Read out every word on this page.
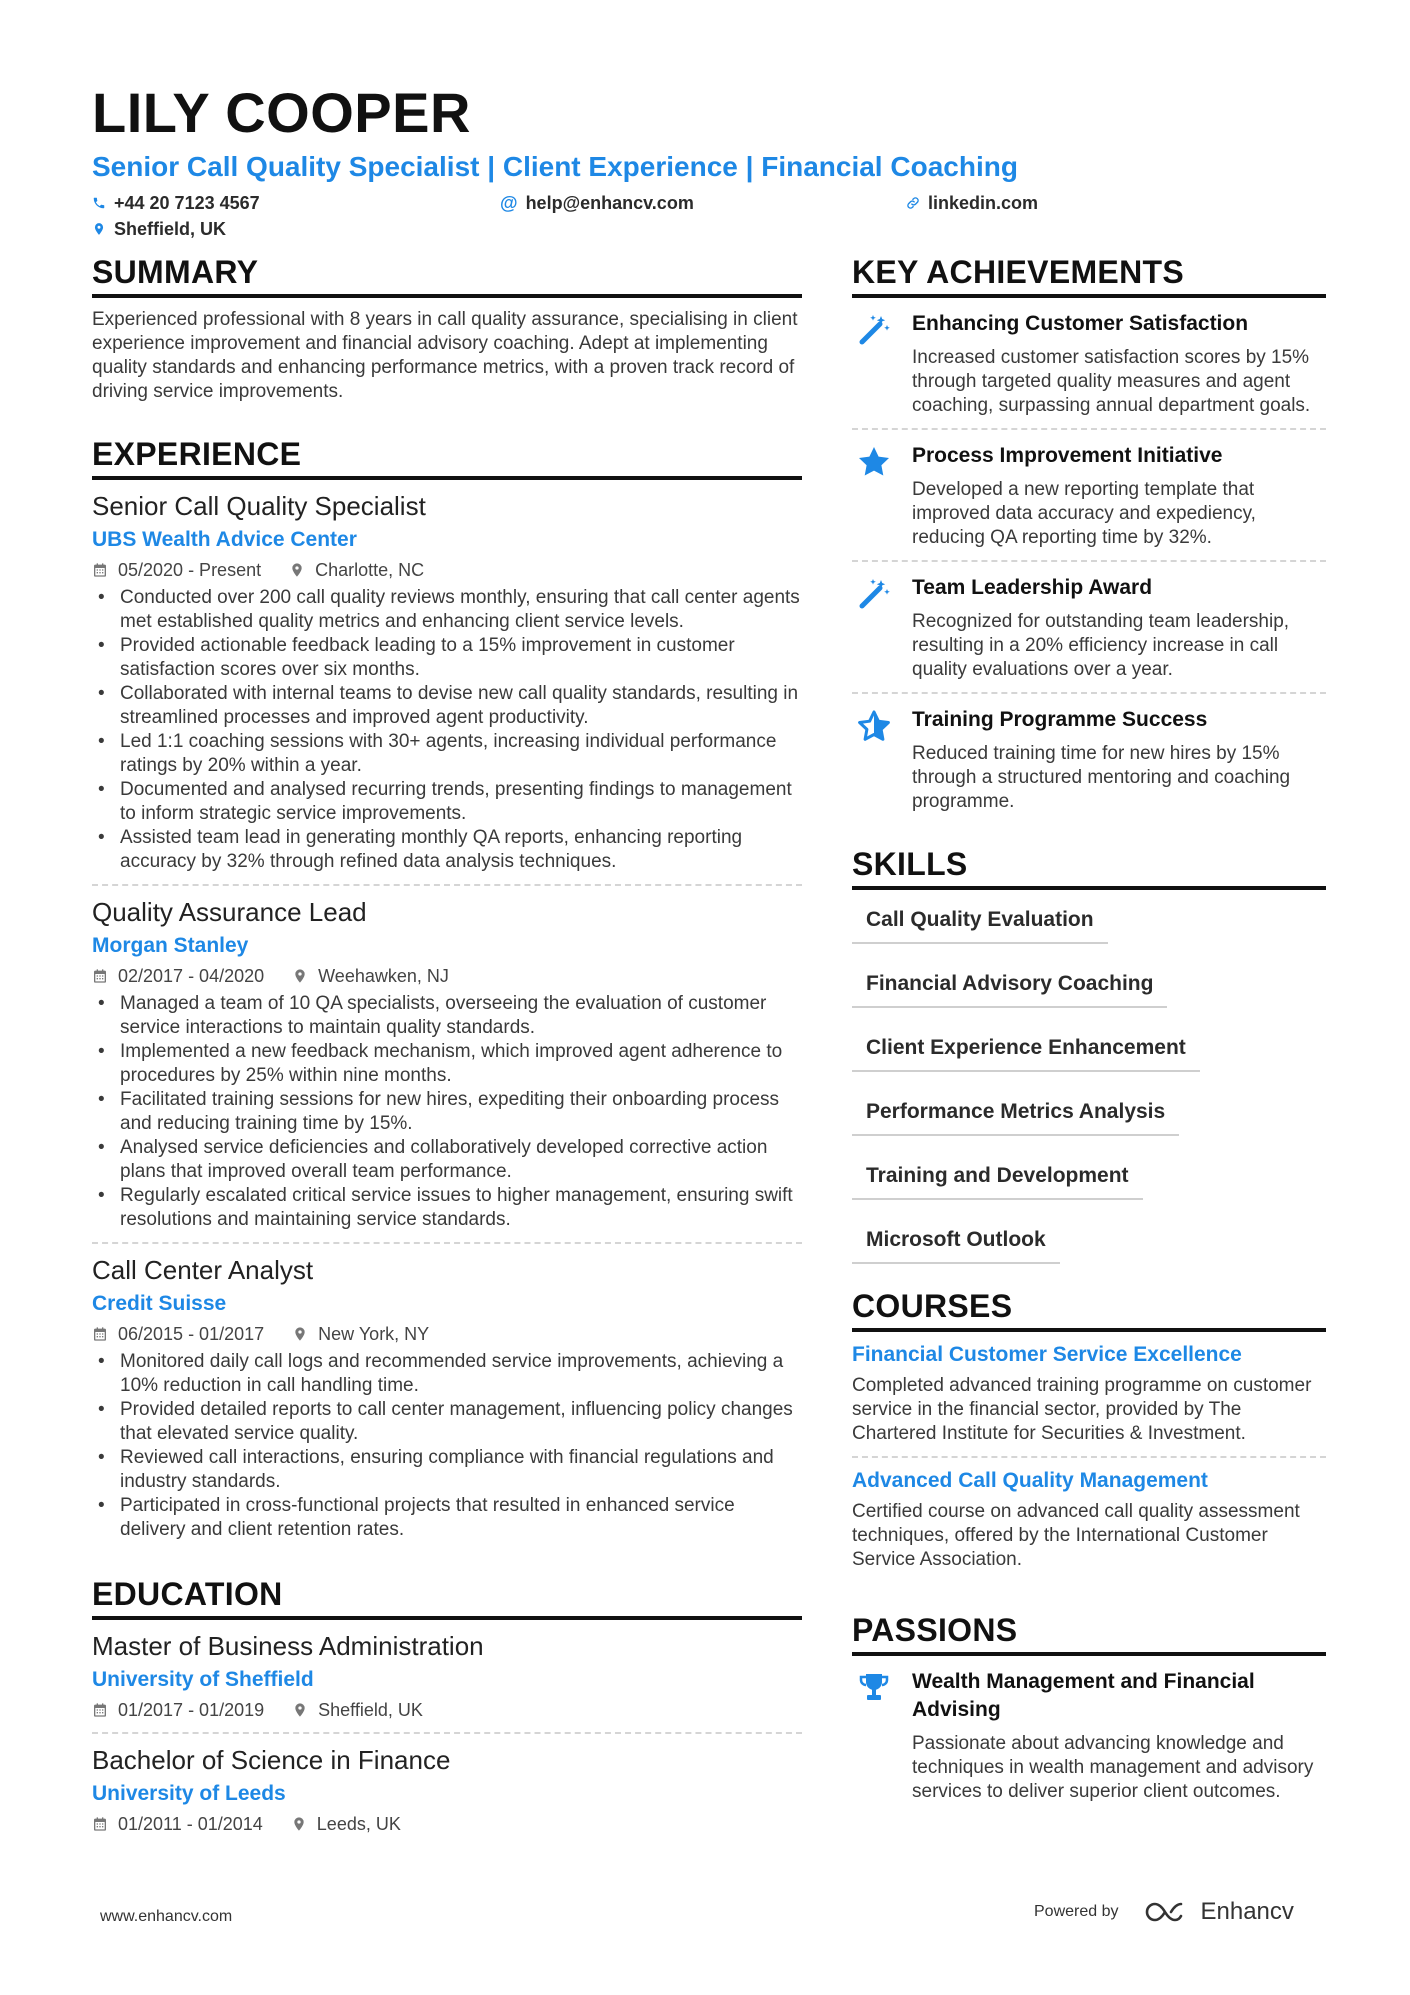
LILY COOPER
Senior Call Quality Specialist | Client Experience | Financial Coaching
+44 20 7123 4567	@ help@enhancv.com	linkedin.com
Sheffield, UK
SUMMARY
Experienced professional with 8 years in call quality assurance, specialising in client experience improvement and financial advisory coaching. Adept at implementing quality standards and enhancing performance metrics, with a proven track record of driving service improvements.
EXPERIENCE
Senior Call Quality Specialist
UBS Wealth Advice Center
05/2020 - Present	Charlotte, NC
• Conducted over 200 call quality reviews monthly, ensuring that call center agents met established quality metrics and enhancing client service levels.
• Provided actionable feedback leading to a 15% improvement in customer satisfaction scores over six months.
• Collaborated with internal teams to devise new call quality standards, resulting in streamlined processes and improved agent productivity.
• Led 1:1 coaching sessions with 30+ agents, increasing individual performance ratings by 20% within a year.
• Documented and analysed recurring trends, presenting findings to management to inform strategic service improvements.
• Assisted team lead in generating monthly QA reports, enhancing reporting accuracy by 32% through refined data analysis techniques.
Quality Assurance Lead
Morgan Stanley
02/2017 - 04/2020	Weehawken, NJ
• Managed a team of 10 QA specialists, overseeing the evaluation of customer service interactions to maintain quality standards.
• Implemented a new feedback mechanism, which improved agent adherence to procedures by 25% within nine months.
• Facilitated training sessions for new hires, expediting their onboarding process and reducing training time by 15%.
• Analysed service deficiencies and collaboratively developed corrective action plans that improved overall team performance.
• Regularly escalated critical service issues to higher management, ensuring swift resolutions and maintaining service standards.
Call Center Analyst
Credit Suisse
06/2015 - 01/2017	New York, NY
• Monitored daily call logs and recommended service improvements, achieving a 10% reduction in call handling time.
• Provided detailed reports to call center management, influencing policy changes that elevated service quality.
• Reviewed call interactions, ensuring compliance with financial regulations and industry standards.
• Participated in cross-functional projects that resulted in enhanced service delivery and client retention rates.
EDUCATION
Master of Business Administration
University of Sheffield
01/2017 - 01/2019	Sheffield, UK
Bachelor of Science in Finance
University of Leeds
01/2011 - 01/2014	Leeds, UK
KEY ACHIEVEMENTS
Enhancing Customer Satisfaction
Increased customer satisfaction scores by 15% through targeted quality measures and agent coaching, surpassing annual department goals.
Process Improvement Initiative
Developed a new reporting template that improved data accuracy and expediency, reducing QA reporting time by 32%.
Team Leadership Award
Recognized for outstanding team leadership, resulting in a 20% efficiency increase in call quality evaluations over a year.
Training Programme Success
Reduced training time for new hires by 15% through a structured mentoring and coaching programme.
SKILLS
Call Quality Evaluation
Financial Advisory Coaching
Client Experience Enhancement
Performance Metrics Analysis
Training and Development
Microsoft Outlook
COURSES
Financial Customer Service Excellence
Completed advanced training programme on customer service in the financial sector, provided by The Chartered Institute for Securities & Investment.
Advanced Call Quality Management
Certified course on advanced call quality assessment techniques, offered by the International Customer Service Association.
PASSIONS
Wealth Management and Financial Advising
Passionate about advancing knowledge and techniques in wealth management and advisory services to deliver superior client outcomes.
www.enhancv.com	Powered by	Enhancv
